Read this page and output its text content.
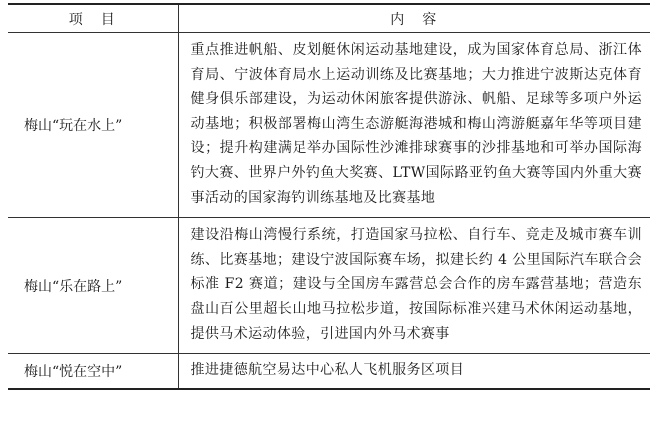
项　目	内　容
梅山“玩在水上”	重点推进帆船、皮划艇休闲运动基地建设，成为国家体育总局、浙江体育局、宁波体育局水上运动训练及比赛基地；大力推进宁波斯达克体育健身俱乐部建设，为运动休闲旅客提供游泳、帆船、足球等多项户外运动基地；积极部署梅山湾生态游艇海港城和梅山湾游艇嘉年华等项目建设；提升构建满足举办国际性沙滩排球赛事的沙排基地和可举办国际海钓大赛、世界户外钓鱼大奖赛、LTW国际路亚钓鱼大赛等国内外重大赛事活动的国家海钓训练基地及比赛基地
梅山“乐在路上”	建设沿梅山湾慢行系统，打造国家马拉松、自行车、竞走及城市赛车训练、比赛基地；建设宁波国际赛车场，拟建长约 4 公里国际汽车联合会标准 F2 赛道；建设与全国房车露营总会合作的房车露营基地；营造东盘山百公里超长山地马拉松步道，按国际标准兴建马术休闲运动基地，提供马术运动体验，引进国内外马术赛事
梅山“悦在空中”	推进捷德航空易达中心私人飞机服务区项目
